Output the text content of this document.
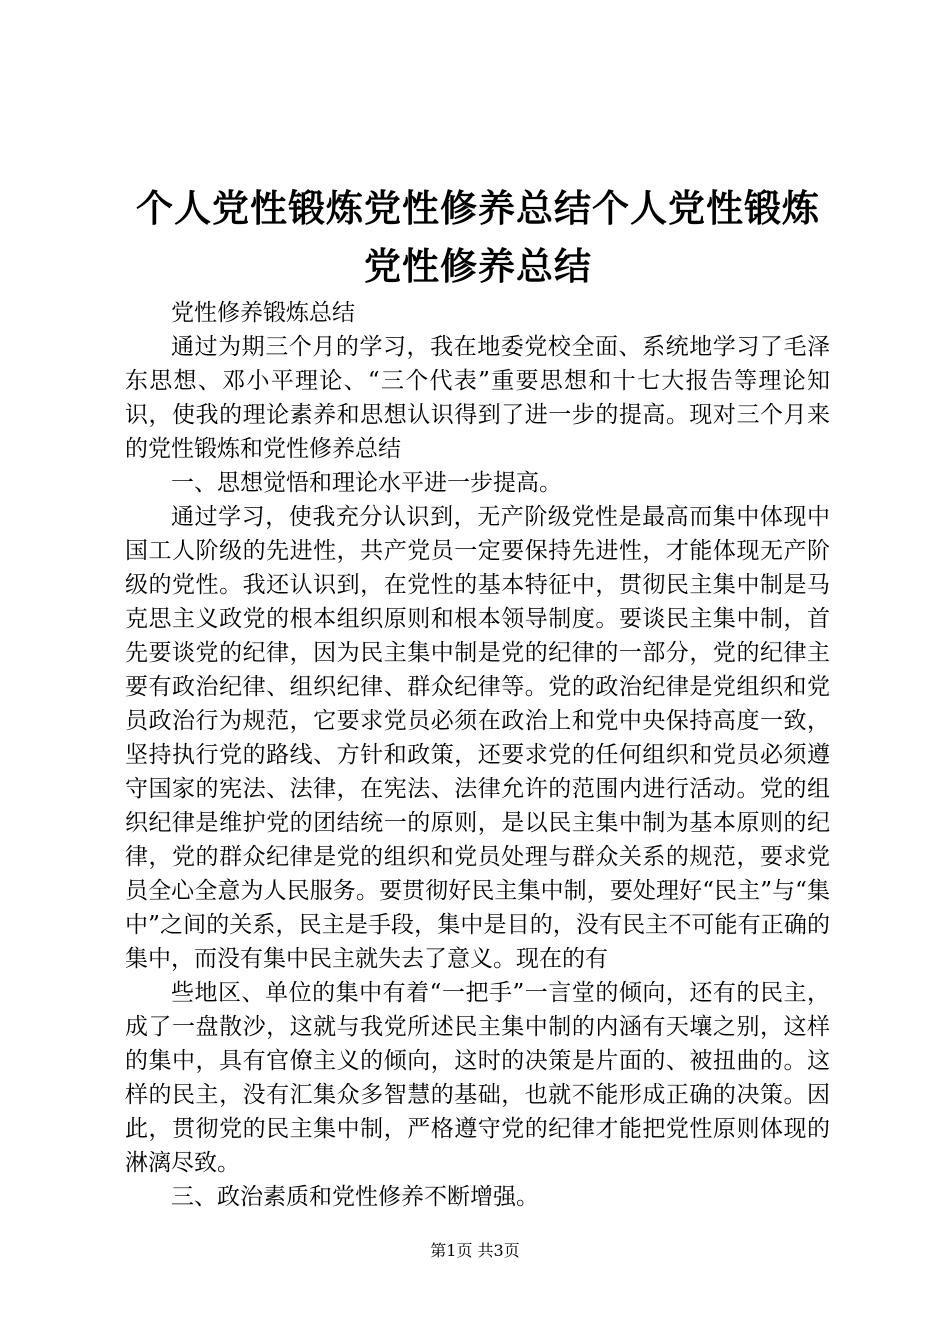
个人党性锻炼党性修养总结个人党性锻炼党性修养总结

党性修养锻炼总结

通过为期三个月的学习，我在地委党校全面、系统地学习了毛泽东思想、邓小平理论、“三个代表”重要思想和十七大报告等理论知识，使我的理论素养和思想认识得到了进一步的提高。现对三个月来的党性锻炼和党性修养总结

一、思想觉悟和理论水平进一步提高。

通过学习，使我充分认识到，无产阶级党性是最高而集中体现中国工人阶级的先进性，共产党员一定要保持先进性，才能体现无产阶级的党性。我还认识到，在党性的基本特征中，贯彻民主集中制是马克思主义政党的根本组织原则和根本领导制度。要谈民主集中制，首先要谈党的纪律，因为民主集中制是党的纪律的一部分，党的纪律主要有政治纪律、组织纪律、群众纪律等。党的政治纪律是党组织和党员政治行为规范，它要求党员必须在政治上和党中央保持高度一致，坚持执行党的路线、方针和政策，还要求党的任何组织和党员必须遵守国家的宪法、法律，在宪法、法律允许的范围内进行活动。党的组织纪律是维护党的团结统一的原则，是以民主集中制为基本原则的纪律，党的群众纪律是党的组织和党员处理与群众关系的规范，要求党员全心全意为人民服务。要贯彻好民主集中制，要处理好“民主”与“集中”之间的关系，民主是手段，集中是目的，没有民主不可能有正确的集中，而没有集中民主就失去了意义。现在的有

些地区、单位的集中有着“一把手”一言堂的倾向，还有的民主，成了一盘散沙，这就与我党所述民主集中制的内涵有天壤之别，这样的集中，具有官僚主义的倾向，这时的决策是片面的、被扭曲的。这样的民主，没有汇集众多智慧的基础，也就不能形成正确的决策。因此，贯彻党的民主集中制，严格遵守党的纪律才能把党性原则体现的淋漓尽致。

三、政治素质和党性修养不断增强。

第1页 共3页
